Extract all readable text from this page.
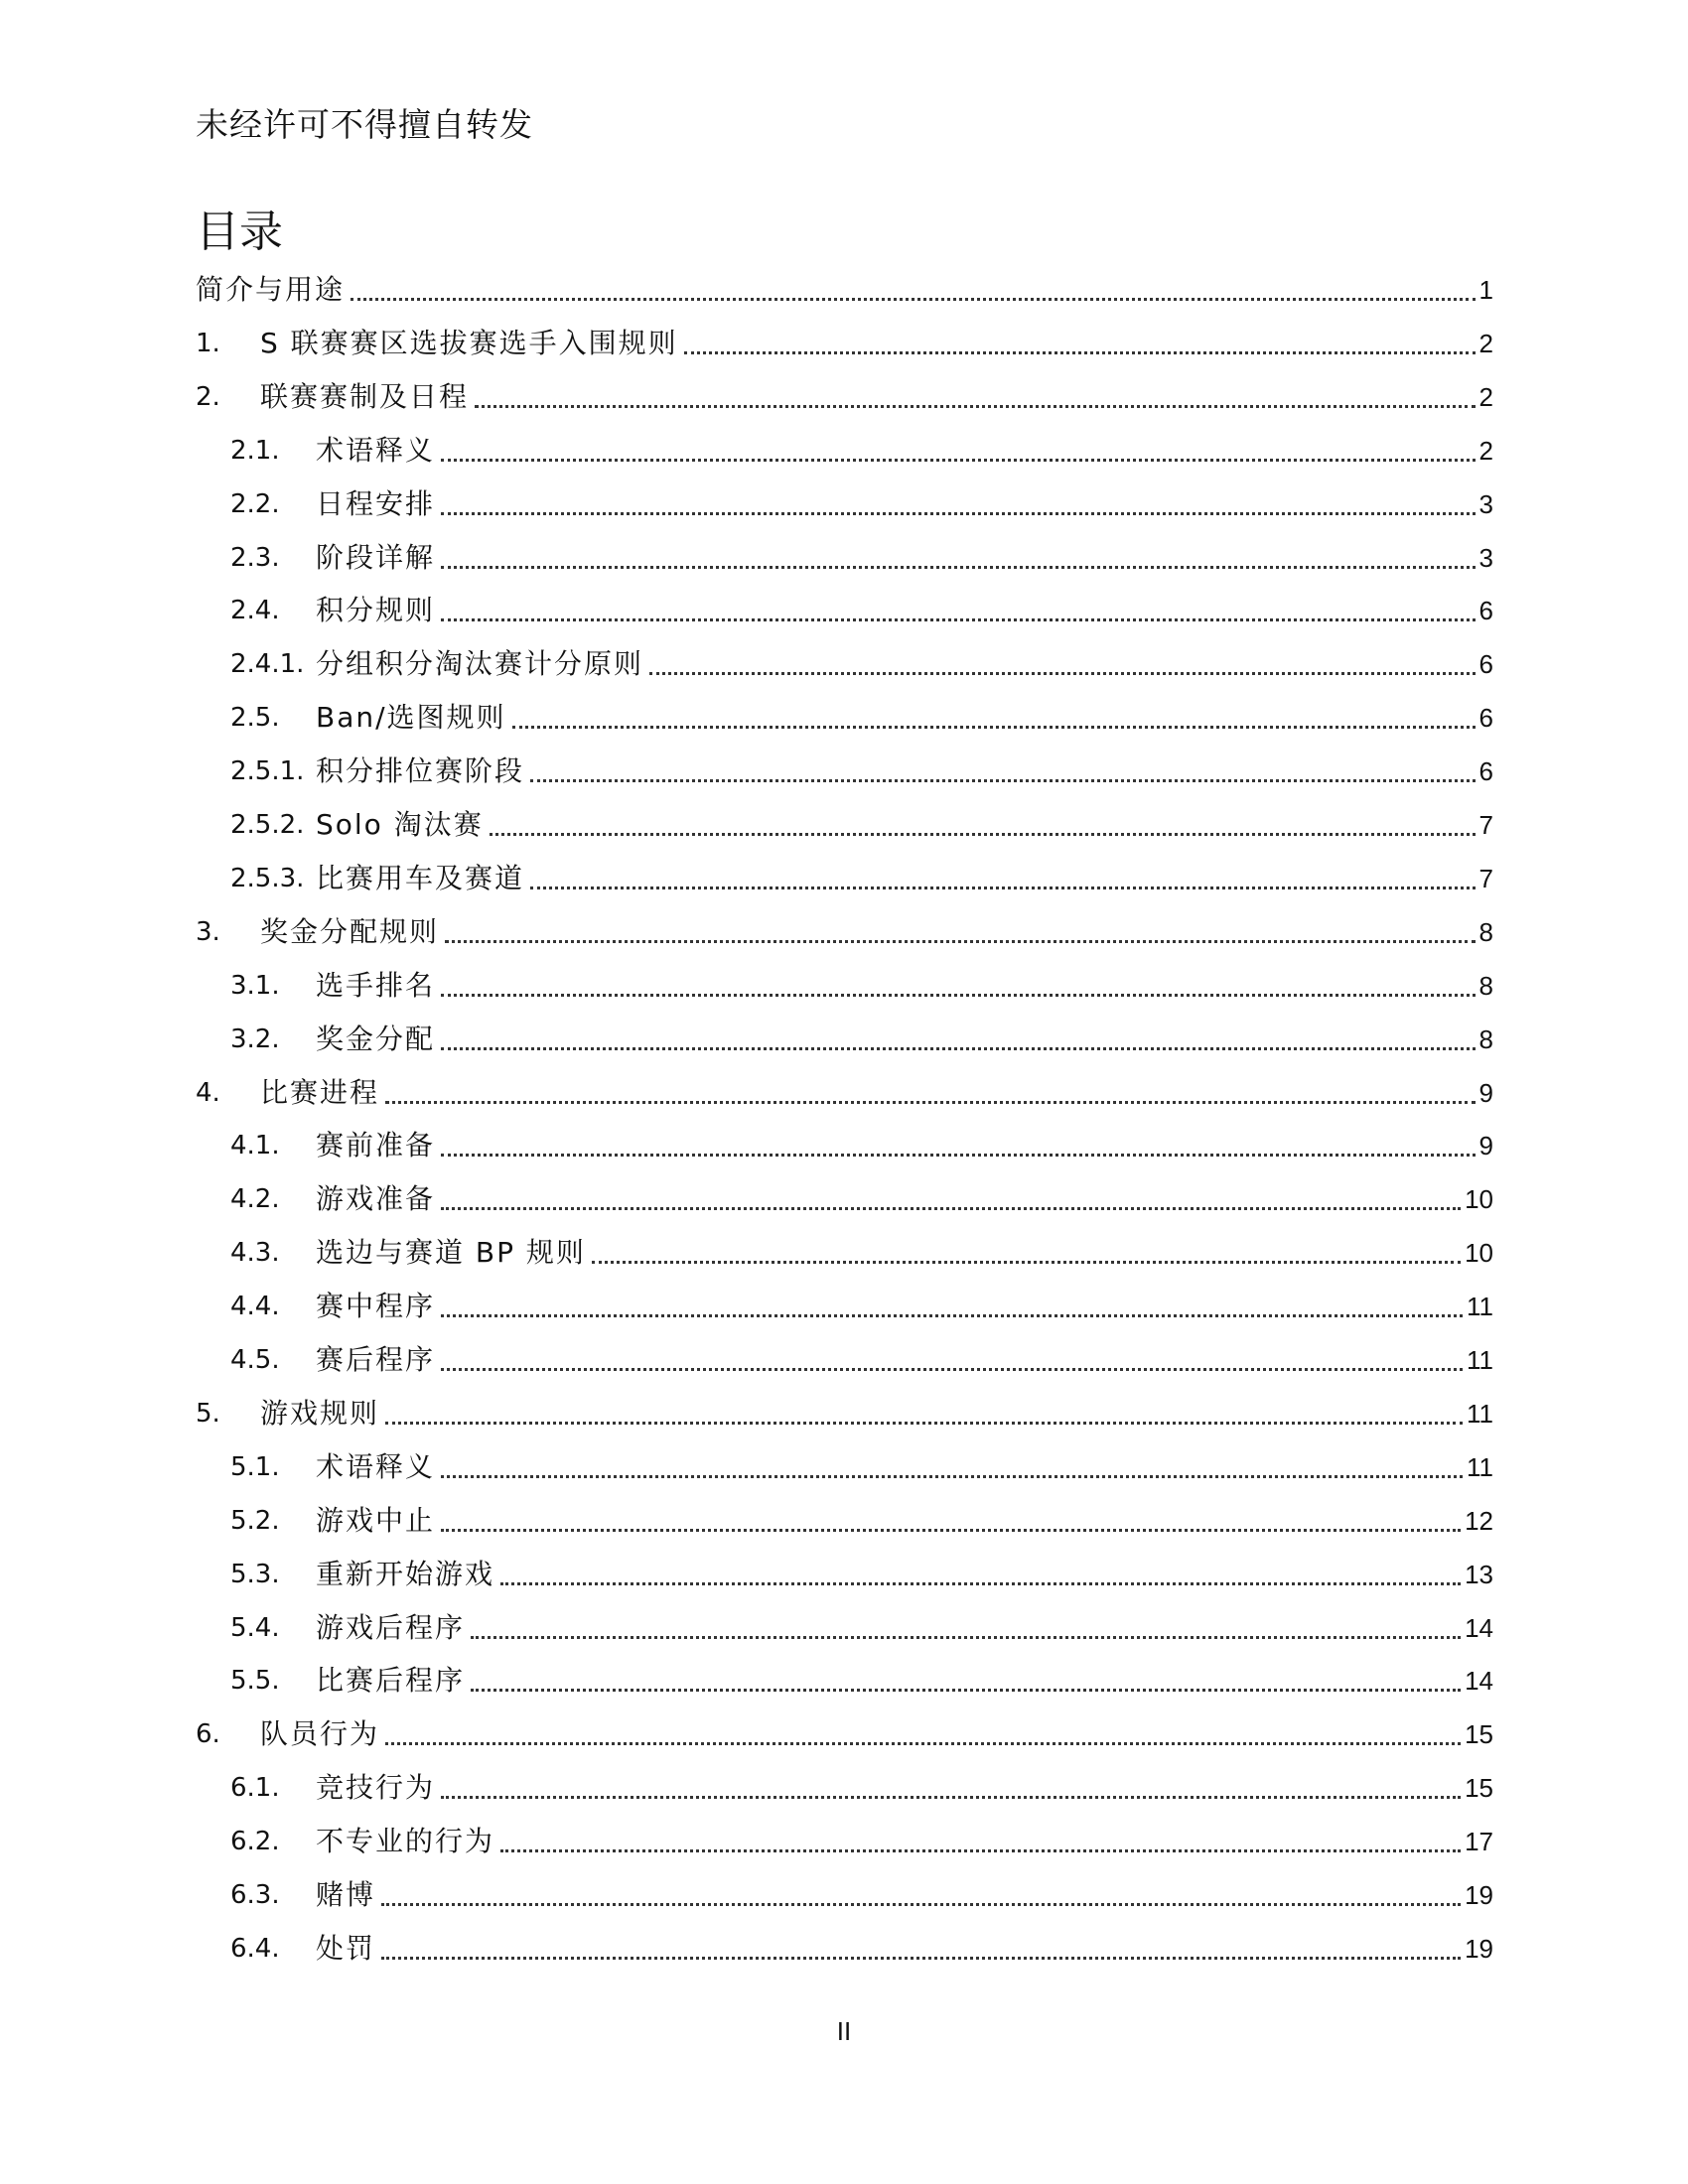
未经许可不得擅自转发
目录
简介与用途	1
1. S 联赛赛区选拔赛选手入围规则	2
2. 联赛赛制及日程	2
2.1. 术语释义	2
2.2. 日程安排	3
2.3. 阶段详解	3
2.4. 积分规则	6
2.4.1. 分组积分淘汰赛计分原则	6
2.5. Ban/选图规则	6
2.5.1. 积分排位赛阶段	6
2.5.2. Solo 淘汰赛	7
2.5.3. 比赛用车及赛道	7
3. 奖金分配规则	8
3.1. 选手排名	8
3.2. 奖金分配	8
4. 比赛进程	9
4.1. 赛前准备	9
4.2. 游戏准备	10
4.3. 选边与赛道 BP 规则	10
4.4. 赛中程序	11
4.5. 赛后程序	11
5. 游戏规则	11
5.1. 术语释义	11
5.2. 游戏中止	12
5.3. 重新开始游戏	13
5.4. 游戏后程序	14
5.5. 比赛后程序	14
6. 队员行为	15
6.1. 竞技行为	15
6.2. 不专业的行为	17
6.3. 赌博	19
6.4. 处罚	19
II
